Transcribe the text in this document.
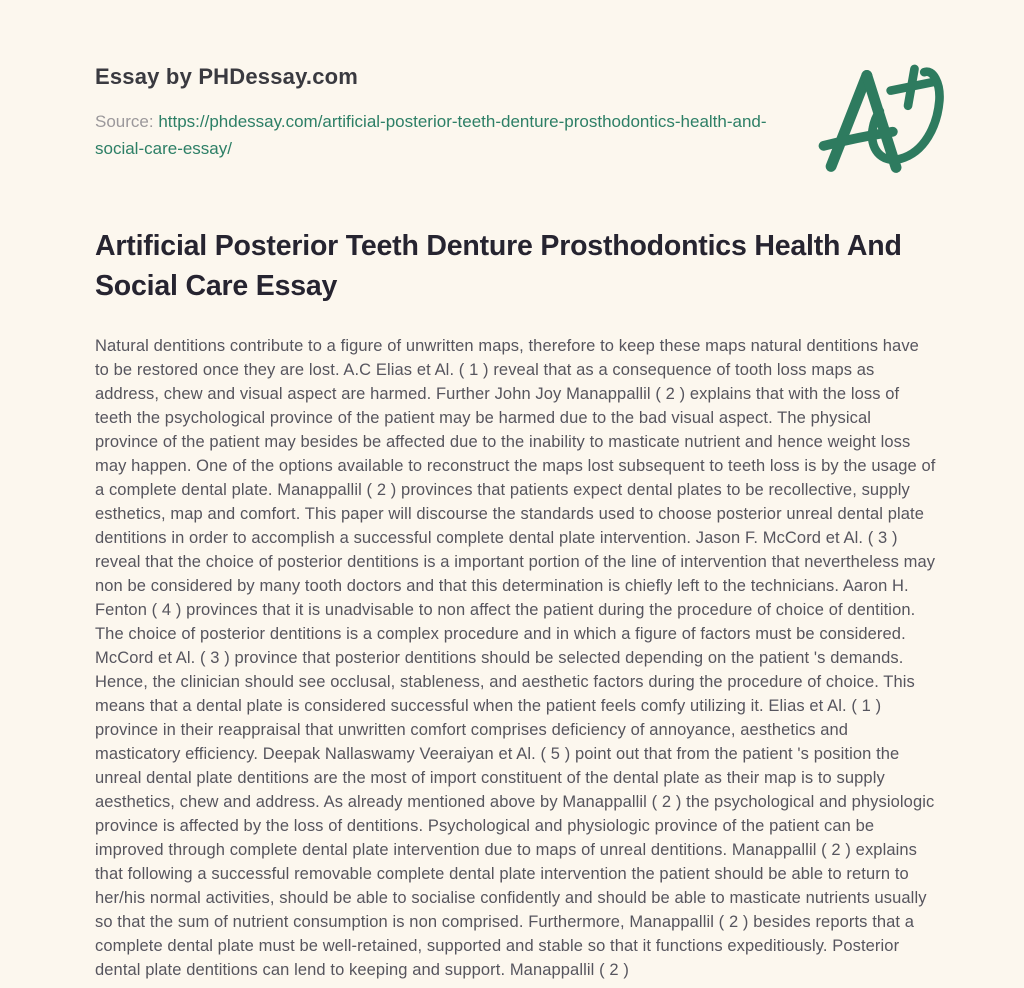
Essay by PHDessay.com

Source: https://phdessay.com/artificial-posterior-teeth-denture-prosthodontics-health-and-social-care-essay/

Artificial Posterior Teeth Denture Prosthodontics Health And Social Care Essay

Natural dentitions contribute to a figure of unwritten maps, therefore to keep these maps natural dentitions have to be restored once they are lost. A.C Elias et Al. ( 1 ) reveal that as a consequence of tooth loss maps as address, chew and visual aspect are harmed. Further John Joy Manappallil ( 2 ) explains that with the loss of teeth the psychological province of the patient may be harmed due to the bad visual aspect. The physical province of the patient may besides be affected due to the inability to masticate nutrient and hence weight loss may happen. One of the options available to reconstruct the maps lost subsequent to teeth loss is by the usage of a complete dental plate. Manappallil ( 2 ) provinces that patients expect dental plates to be recollective, supply esthetics, map and comfort. This paper will discourse the standards used to choose posterior unreal dental plate dentitions in order to accomplish a successful complete dental plate intervention. Jason F. McCord et Al. ( 3 ) reveal that the choice of posterior dentitions is a important portion of the line of intervention that nevertheless may non be considered by many tooth doctors and that this determination is chiefly left to the technicians. Aaron H. Fenton ( 4 ) provinces that it is unadvisable to non affect the patient during the procedure of choice of dentition. The choice of posterior dentitions is a complex procedure and in which a figure of factors must be considered. McCord et Al. ( 3 ) province that posterior dentitions should be selected depending on the patient 's demands. Hence, the clinician should see occlusal, stableness, and aesthetic factors during the procedure of choice. This means that a dental plate is considered successful when the patient feels comfy utilizing it. Elias et Al. ( 1 ) province in their reappraisal that unwritten comfort comprises deficiency of annoyance, aesthetics and masticatory efficiency. Deepak Nallaswamy Veeraiyan et Al. ( 5 ) point out that from the patient 's position the unreal dental plate dentitions are the most of import constituent of the dental plate as their map is to supply aesthetics, chew and address. As already mentioned above by Manappallil ( 2 ) the psychological and physiologic province is affected by the loss of dentitions. Psychological and physiologic province of the patient can be improved through complete dental plate intervention due to maps of unreal dentitions. Manappallil ( 2 ) explains that following a successful removable complete dental plate intervention the patient should be able to return to her/his normal activities, should be able to socialise confidently and should be able to masticate nutrients usually so that the sum of nutrient consumption is non comprised. Furthermore, Manappallil ( 2 ) besides reports that a complete dental plate must be well-retained, supported and stable so that it functions expeditiously. Posterior dental plate dentitions can lend to keeping and support. Manappallil ( 2 )
